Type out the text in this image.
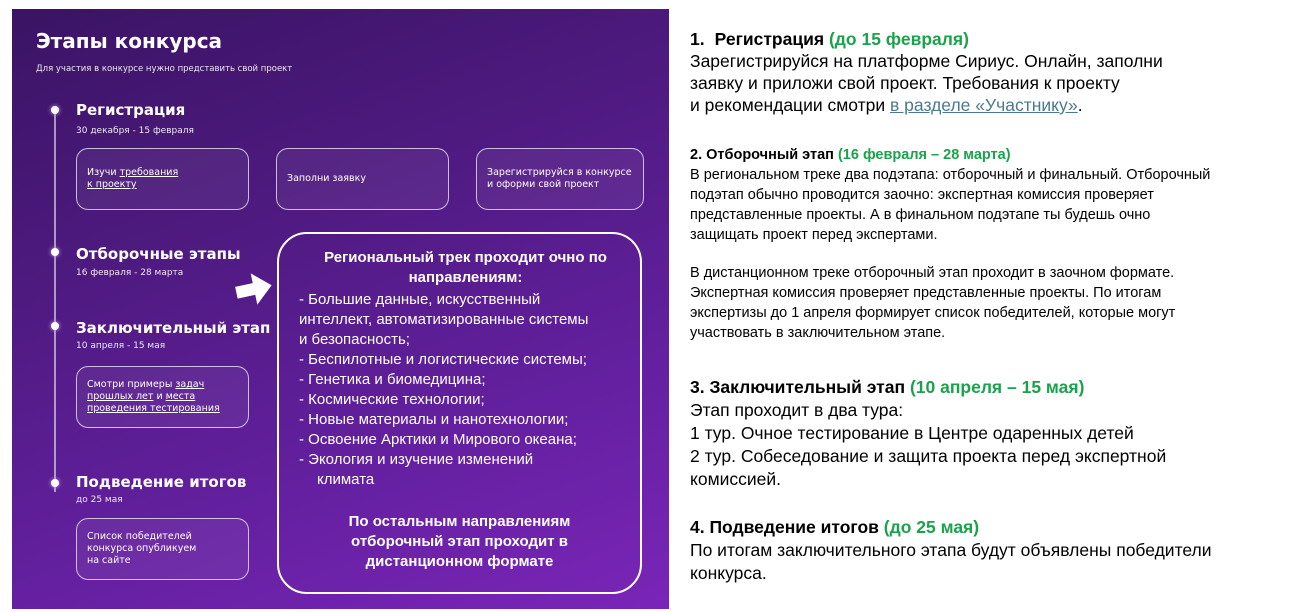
Этапы конкурса
Для участия в конкурсе нужно представить свой проект
Регистрация
30 декабря - 15 февраля
Изучи требования
к проекту
Заполни заявку
Зарегистрируйся в конкурсе
и оформи свой проект
Отборочные этапы
16 февраля - 28 марта
Заключительный этап
10 апреля - 15 мая
Смотри примеры задач
прошлых лет и места
проведения тестирования
Подведение итогов
до 25 мая
Список победителей
конкурса опубликуем
на сайте
Региональный трек проходит очно по
направлениям:
- Большие данные, искусственный
интеллект, автоматизированные системы
и безопасность;
- Беспилотные и логистические системы;
- Генетика и биомедицина;
- Космические технологии;
- Новые материалы и нанотехнологии;
- Освоение Арктики и Мирового океана;
- Экология и изучение изменений
климата
По остальным направлениям
отборочный этап проходит в
дистанционном формате
1. Регистрация (до 15 февраля)
Зарегистрируйся на платформе Сириус. Онлайн, заполни
заявку и приложи свой проект. Требования к проекту
и рекомендации смотри в разделе «Участнику».
2. Отборочный этап (16 февраля – 28 марта)
В региональном треке два подэтапа: отборочный и финальный. Отборочный
подэтап обычно проводится заочно: экспертная комиссия проверяет
представленные проекты. А в финальном подэтапе ты будешь очно
защищать проект перед экспертами.
В дистанционном треке отборочный этап проходит в заочном формате.
Экспертная комиссия проверяет представленные проекты. По итогам
экспертизы до 1 апреля формирует список победителей, которые могут
участвовать в заключительном этапе.
3. Заключительный этап (10 апреля – 15 мая)
Этап проходит в два тура:
1 тур. Очное тестирование в Центре одаренных детей
2 тур. Собеседование и защита проекта перед экспертной
комиссией.
4. Подведение итогов (до 25 мая)
По итогам заключительного этапа будут объявлены победители
конкурса.
